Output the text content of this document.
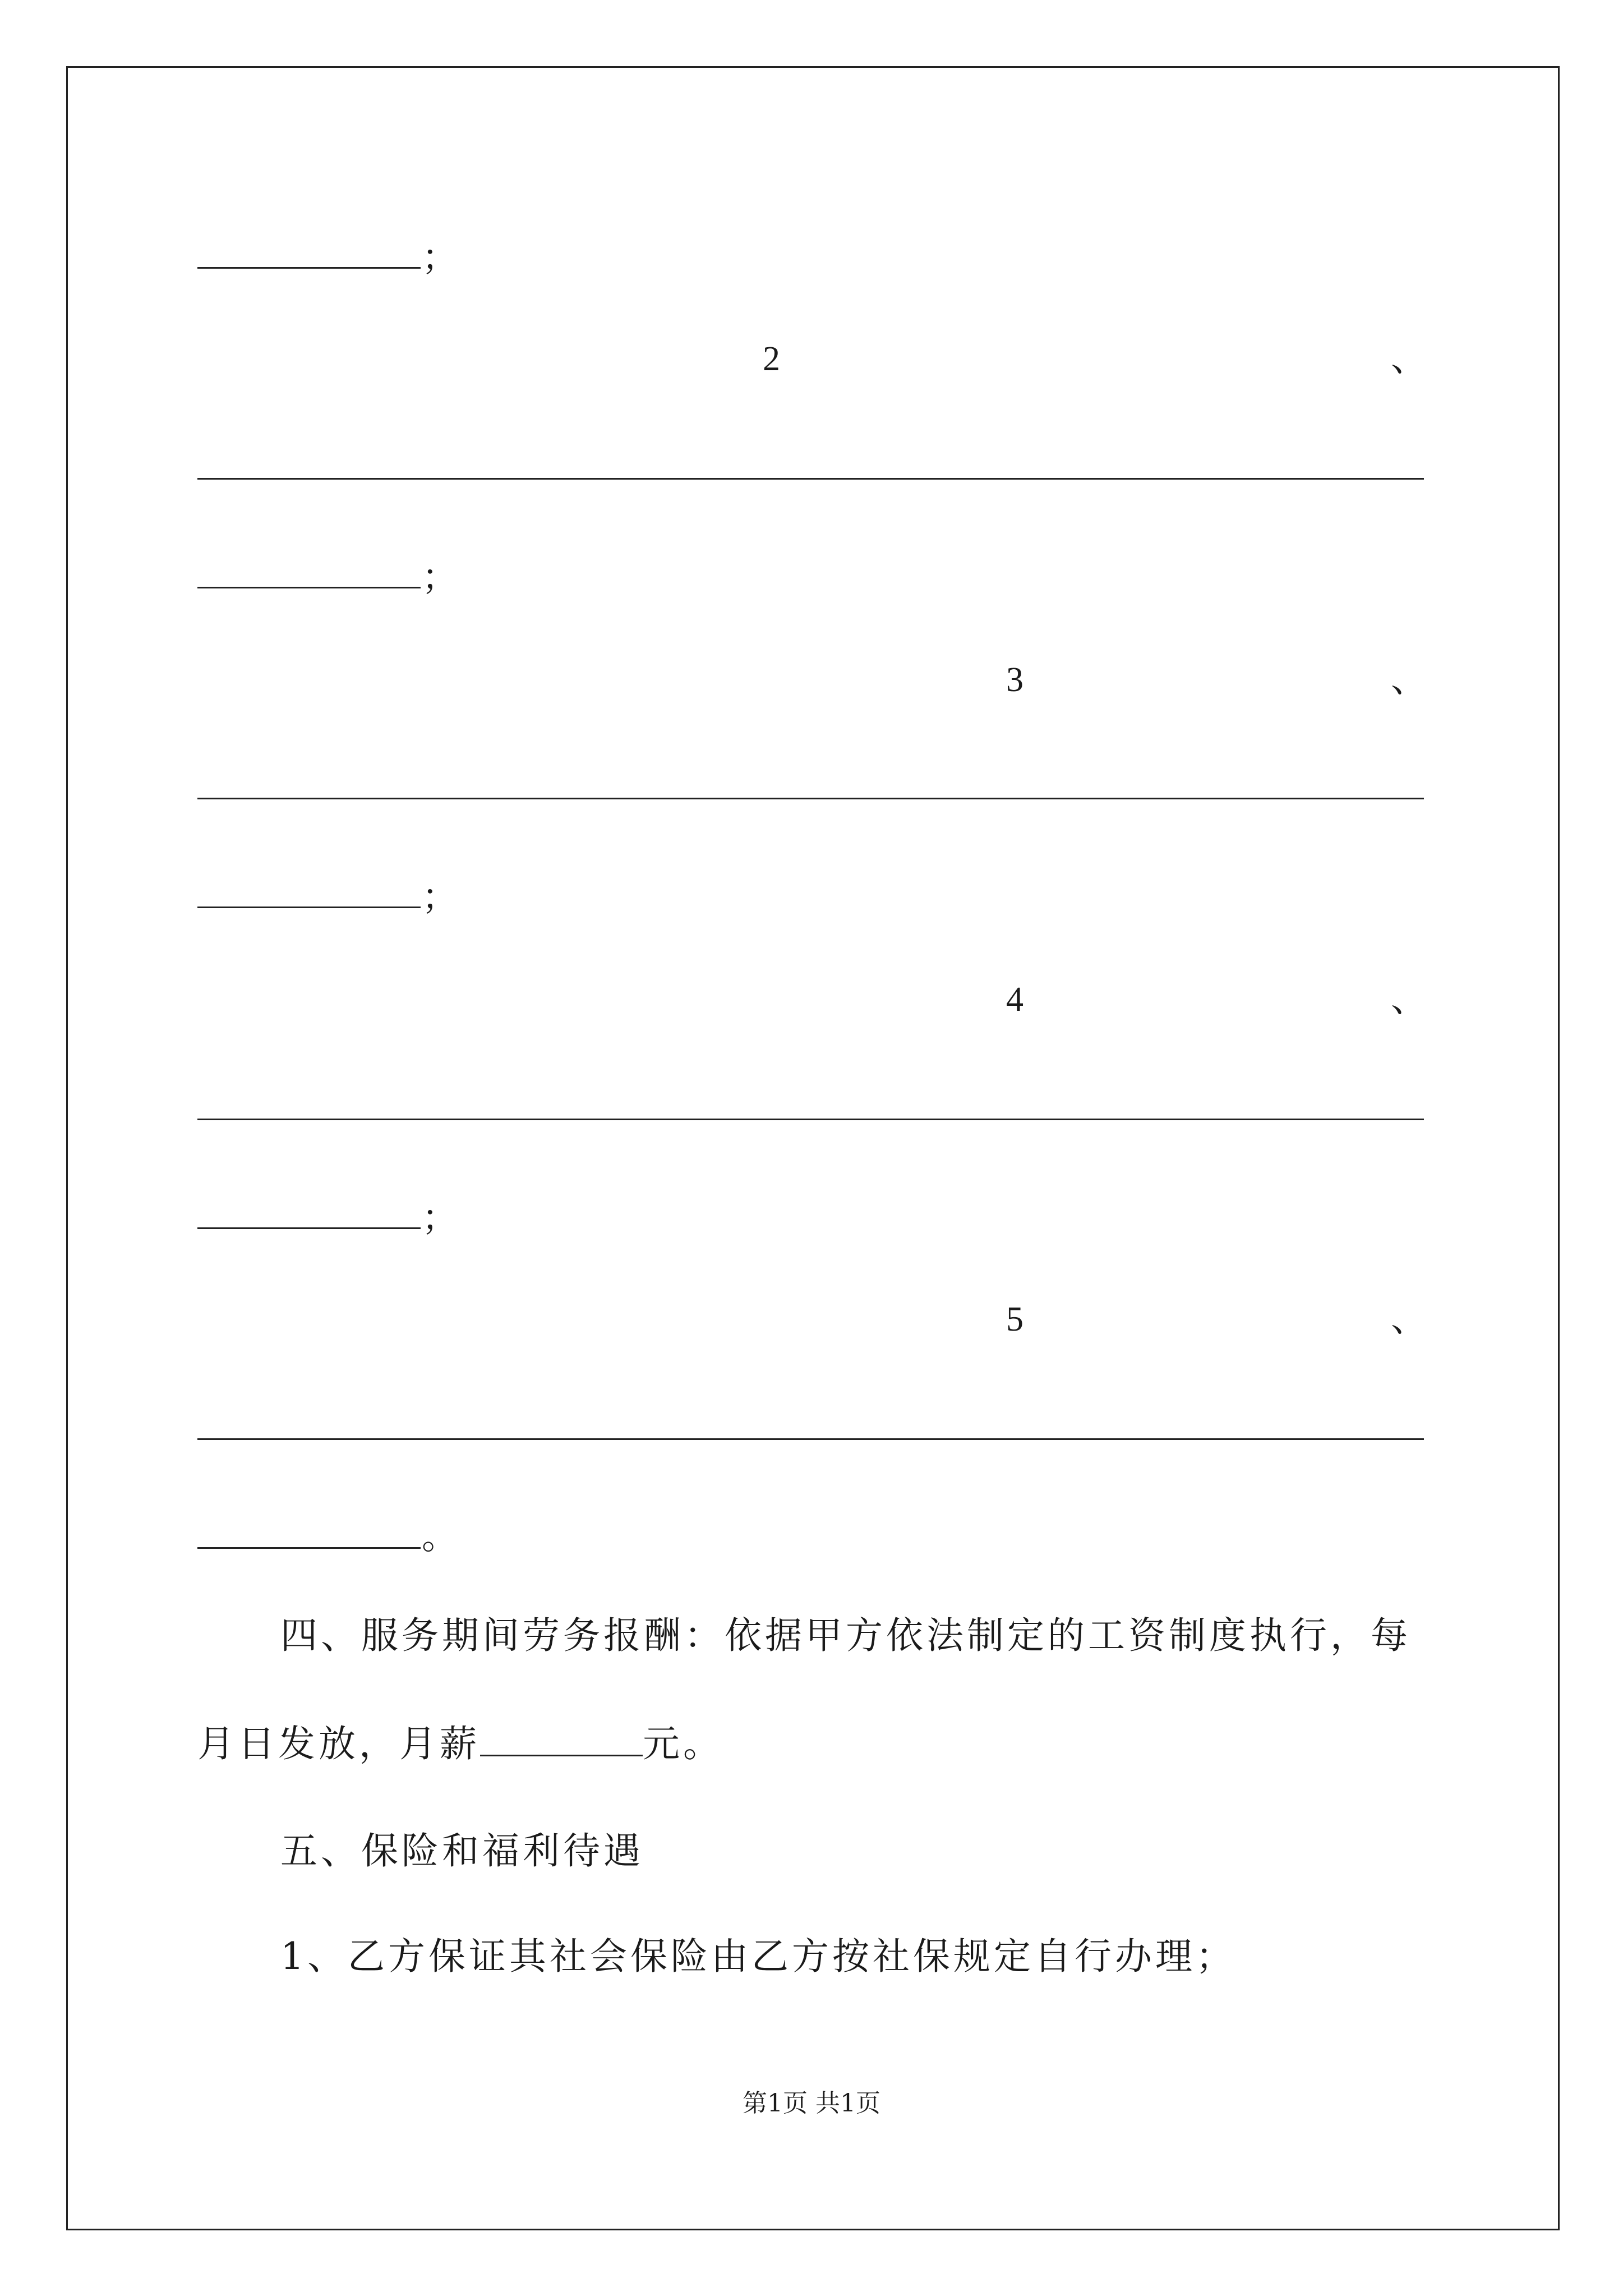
；
2	、
；
3	、
；
4	、
；
5	、
。
四、服务期间劳务报酬：依据甲方依法制定的工资制度执行，每
月日发放，月薪	元。
五、保险和福利待遇
1、乙方保证其社会保险由乙方按社保规定自行办理；
第1页 共1页
